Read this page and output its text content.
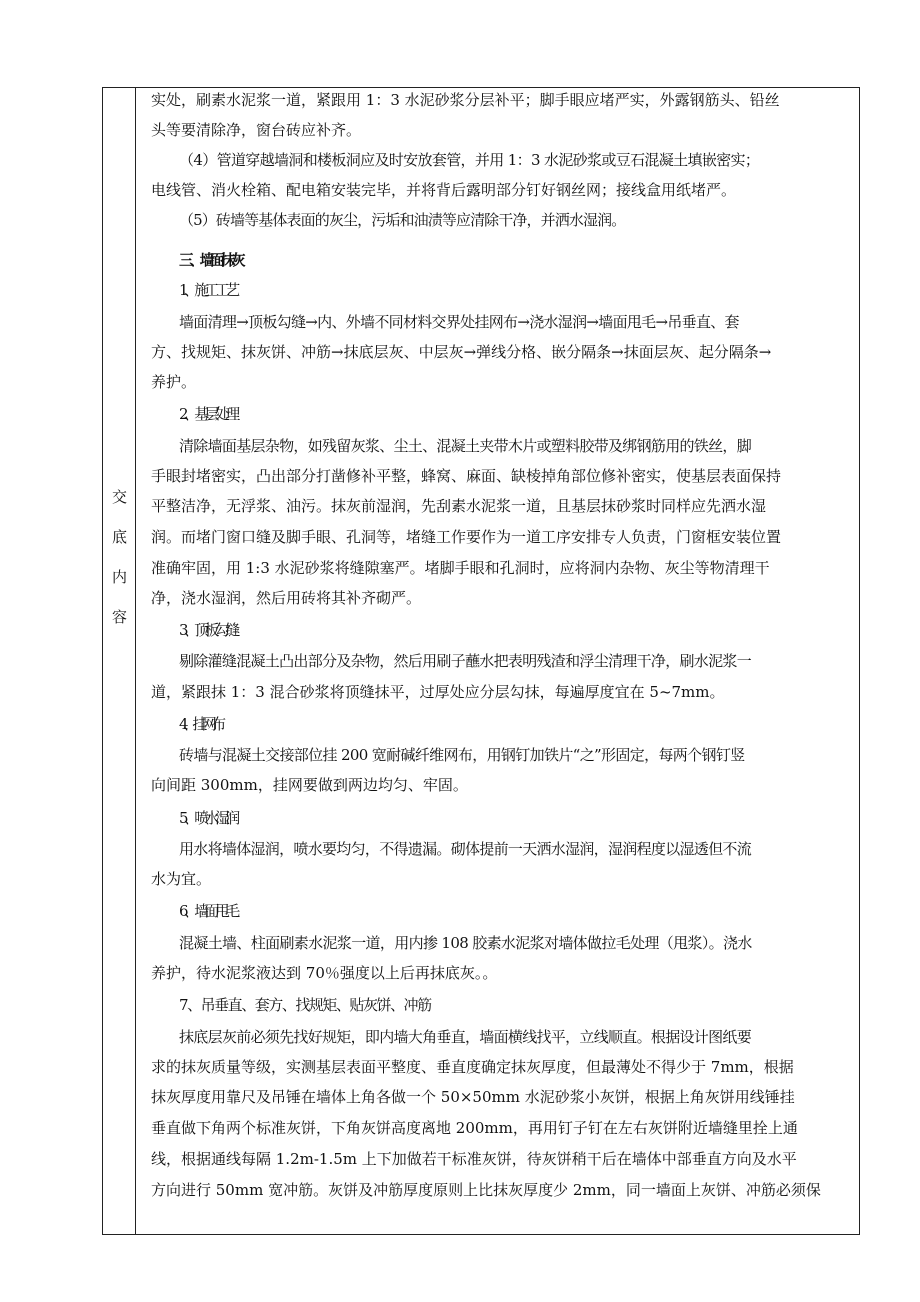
交
底
内
容
实处，刷素水泥浆一道，紧跟用 1：3 水泥砂浆分层补平；脚手眼应堵严实，外露钢筋头、铅丝
头等要清除净，窗台砖应补齐。
（4）管道穿越墙洞和楼板洞应及时安放套管，并用 1：3 水泥砂浆或豆石混凝土填嵌密实；
电线管、消火栓箱、配电箱安装完毕，并将背后露明部分钉好钢丝网；接线盒用纸堵严。
（5）砖墙等基体表面的灰尘，污垢和油渍等应清除干净，并洒水湿润。
三、墙面抹灰
1、施工工艺
墙面清理→顶板勾缝→内、外墙不同材料交界处挂网布→浇水湿润→墙面甩毛→吊垂直、套
方、找规矩、抹灰饼、冲筋→抹底层灰、中层灰→弹线分格、嵌分隔条→抹面层灰、起分隔条→
养护。
2、基层处理
清除墙面基层杂物，如残留灰浆、尘土、混凝土夹带木片或塑料胶带及绑钢筋用的铁丝，脚
手眼封堵密实，凸出部分打凿修补平整，蜂窝、麻面、缺棱掉角部位修补密实，使基层表面保持
平整洁净，无浮浆、油污。抹灰前湿润，先刮素水泥浆一道，且基层抹砂浆时同样应先洒水湿
润。而堵门窗口缝及脚手眼、孔洞等，堵缝工作要作为一道工序安排专人负责，门窗框安装位置
准确牢固，用 1:3 水泥砂浆将缝隙塞严。堵脚手眼和孔洞时，应将洞内杂物、灰尘等物清理干
净，浇水湿润，然后用砖将其补齐砌严。
3、顶板勾缝
剔除灌缝混凝土凸出部分及杂物，然后用刷子蘸水把表明残渣和浮尘清理干净，刷水泥浆一
道，紧跟抹 1：3 混合砂浆将顶缝抹平，过厚处应分层勾抹，每遍厚度宜在 5~7mm。
4、挂网布
砖墙与混凝土交接部位挂 200 宽耐碱纤维网布，用钢钉加铁片“之”形固定，每两个钢钉竖
向间距 300mm，挂网要做到两边均匀、牢固。
5、喷水湿润
用水将墙体湿润，喷水要均匀，不得遗漏。砌体提前一天洒水湿润，湿润程度以湿透但不流
水为宜。
6、墙面甩毛
混凝土墙、柱面刷素水泥浆一道，用内掺 108 胶素水泥浆对墙体做拉毛处理（甩浆）。浇水
养护，待水泥浆液达到 70％强度以上后再抹底灰。。
7、吊垂直、套方、找规矩、贴灰饼、冲筋
抹底层灰前必须先找好规矩，即内墙大角垂直，墙面横线找平，立线顺直。根据设计图纸要
求的抹灰质量等级，实测基层表面平整度、垂直度确定抹灰厚度，但最薄处不得少于 7mm，根据
抹灰厚度用靠尺及吊锤在墙体上角各做一个 50×50mm 水泥砂浆小灰饼，根据上角灰饼用线锤挂
垂直做下角两个标准灰饼，下角灰饼高度离地 200mm，再用钉子钉在左右灰饼附近墙缝里拴上通
线，根据通线每隔 1.2m-1.5m 上下加做若干标准灰饼，待灰饼稍干后在墙体中部垂直方向及水平
方向进行 50mm 宽冲筋。灰饼及冲筋厚度原则上比抹灰厚度少 2mm，同一墙面上灰饼、冲筋必须保
